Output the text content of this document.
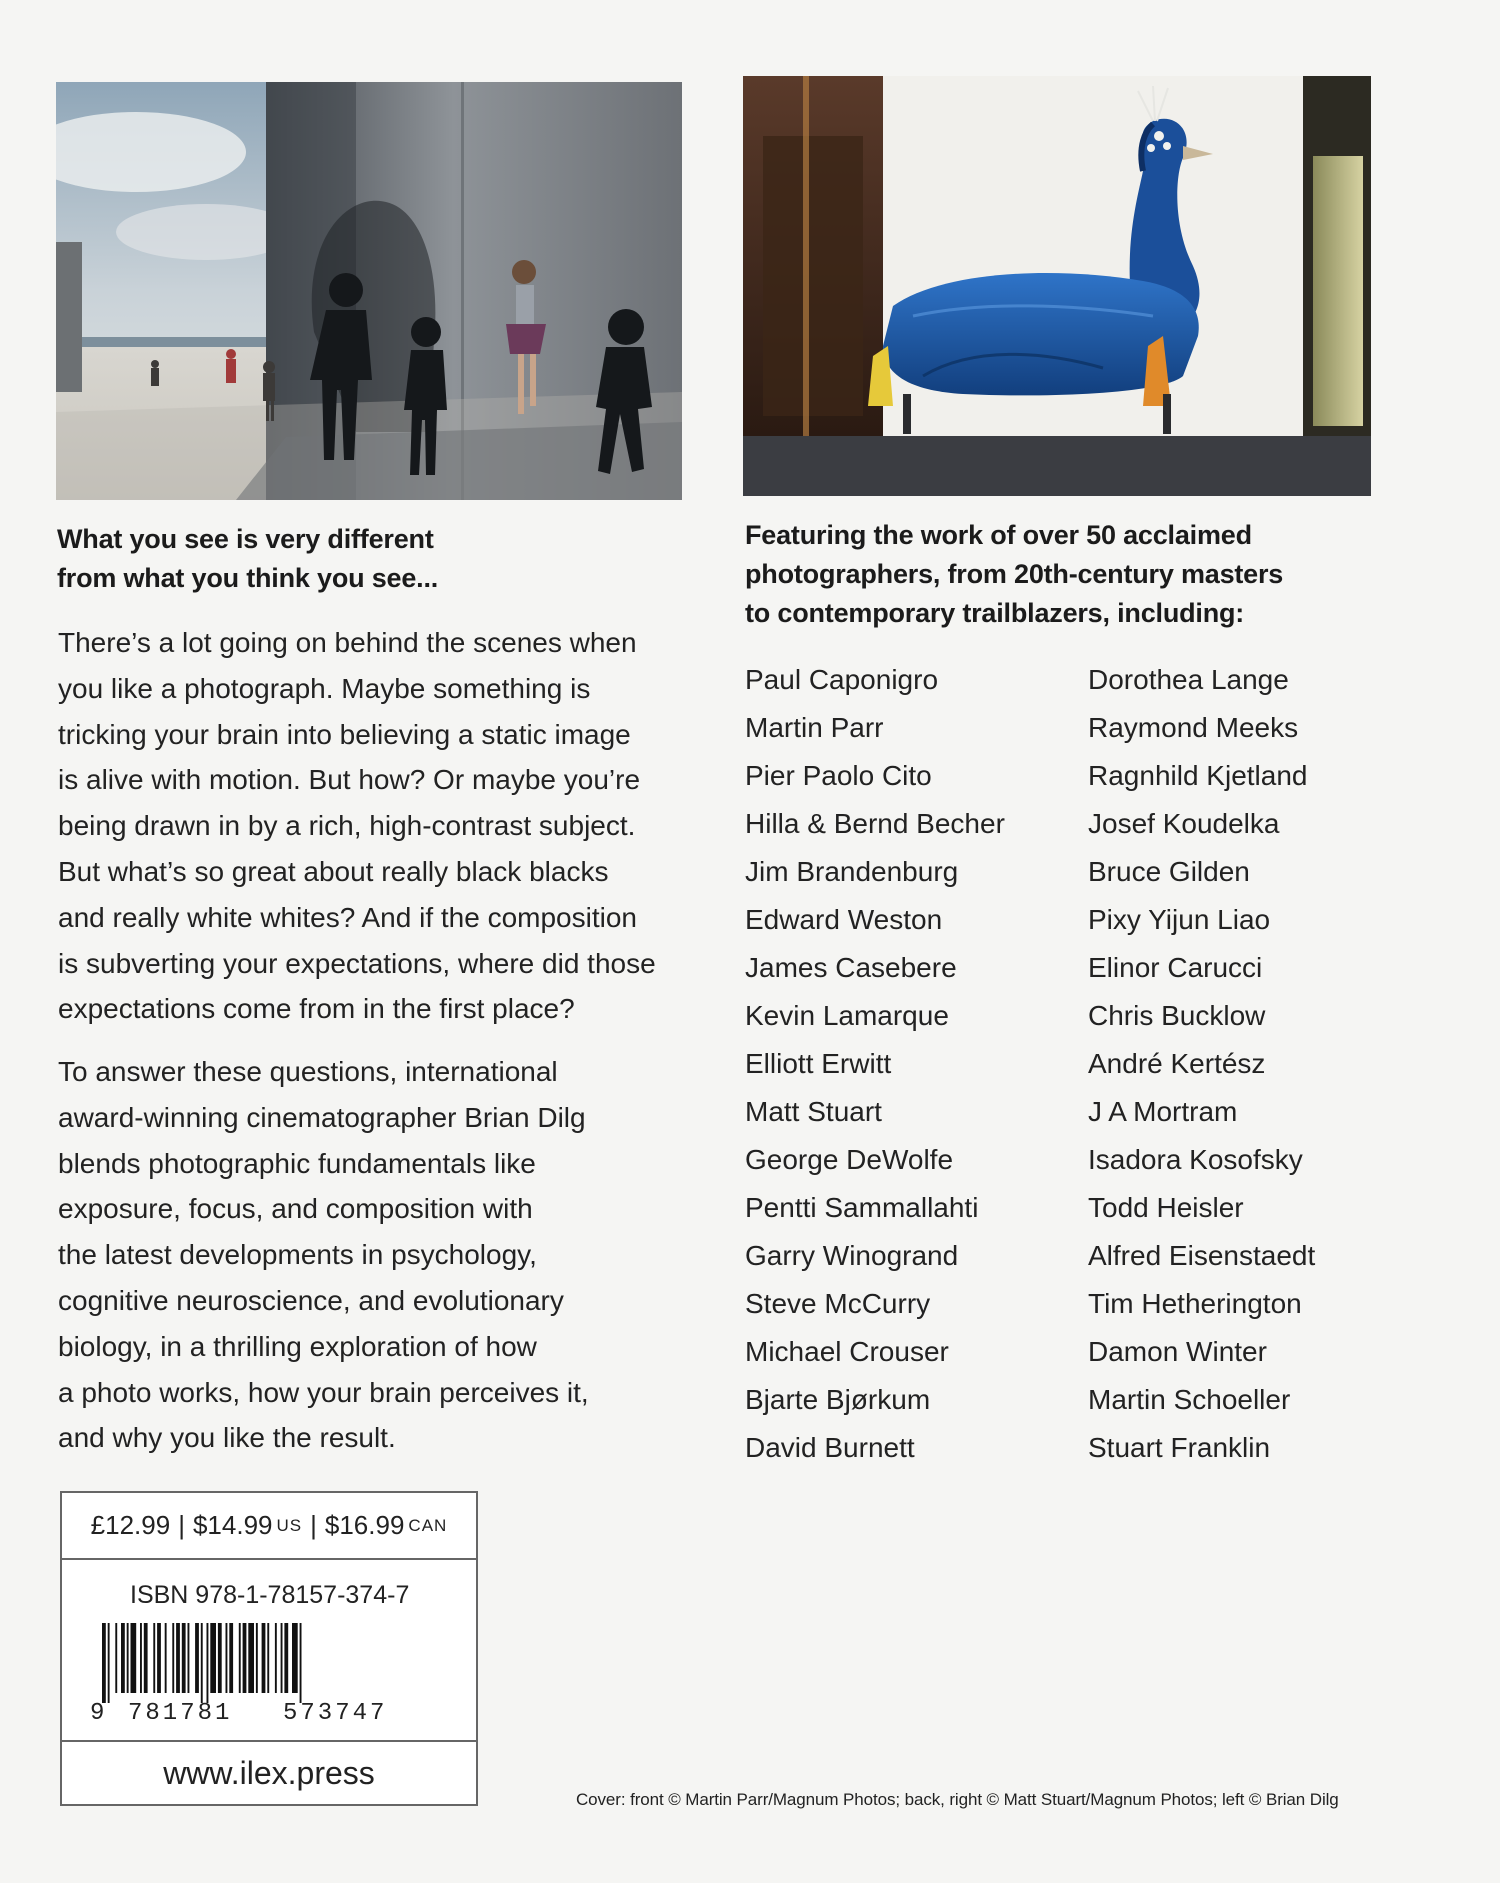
What you see is very different
from what you think you see...

There’s a lot going on behind the scenes when
you like a photograph. Maybe something is
tricking your brain into believing a static image
is alive with motion. But how? Or maybe you’re
being drawn in by a rich, high-contrast subject.
But what’s so great about really black blacks
and really white whites? And if the composition
is subverting your expectations, where did those
expectations come from in the first place?

To answer these questions, international
award-winning cinematographer Brian Dilg
blends photographic fundamentals like
exposure, focus, and composition with
the latest developments in psychology,
cognitive neuroscience, and evolutionary
biology, in a thrilling exploration of how
a photo works, how your brain perceives it,
and why you like the result.

Featuring the work of over 50 acclaimed
photographers, from 20th-century masters
to contemporary trailblazers, including:
Paul Caponigro
Martin Parr
Pier Paolo Cito
Hilla & Bernd Becher
Jim Brandenburg
Edward Weston
James Casebere
Kevin Lamarque
Elliott Erwitt
Matt Stuart
George DeWolfe
Pentti Sammallahti
Garry Winogrand
Steve McCurry
Michael Crouser
Bjarte Bjørkum
David Burnett
Dorothea Lange
Raymond Meeks
Ragnhild Kjetland
Josef Koudelka
Bruce Gilden
Pixy Yijun Liao
Elinor Carucci
Chris Bucklow
André Kertész
J A Mortram
Isadora Kosofsky
Todd Heisler
Alfred Eisenstaedt
Tim Hetherington
Damon Winter
Martin Schoeller
Stuart Franklin
£12.99 | $14.99 US | $16.99 CAN
ISBN 978-1-78157-374-7
9 781781 573747
www.ilex.press
Cover: front © Martin Parr/Magnum Photos; back, right © Matt Stuart/Magnum Photos; left © Brian Dilg
